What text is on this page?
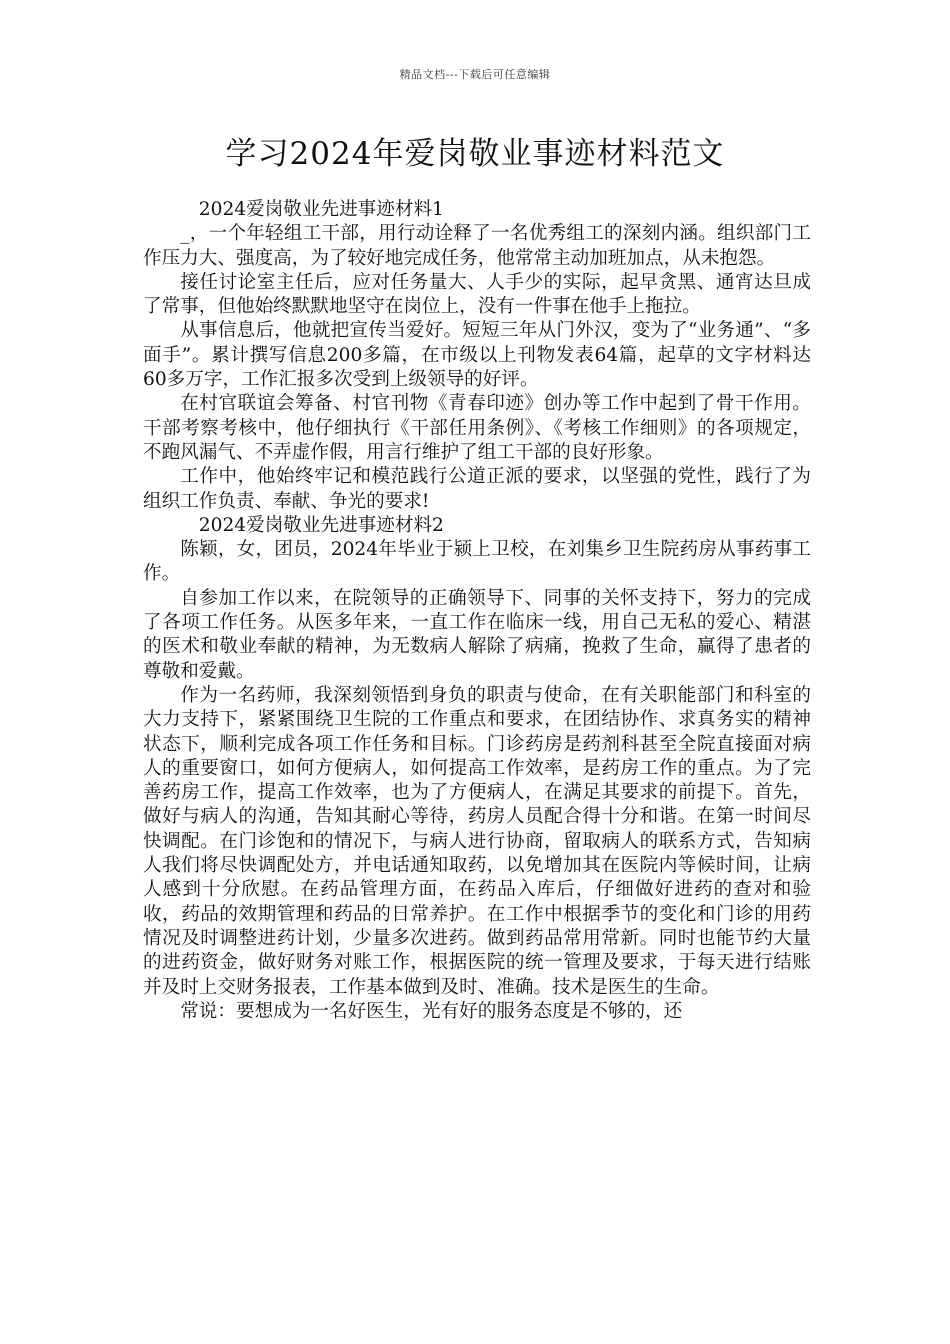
精品文档---下载后可任意编辑
学习2024年爱岗敬业事迹材料范文

2024爱岗敬业先进事迹材料1

_，一个年轻组工干部，用行动诠释了一名优秀组工的深刻内涵。组织部门工作压力大、强度高，为了较好地完成任务，他常常主动加班加点，从未抱怨。

接任讨论室主任后，应对任务量大、人手少的实际，起早贪黑、通宵达旦成了常事，但他始终默默地坚守在岗位上，没有一件事在他手上拖拉。

从事信息后，他就把宣传当爱好。短短三年从门外汉，变为了“业务通”、“多面手”。累计撰写信息200多篇，在市级以上刊物发表64篇，起草的文字材料达60多万字，工作汇报多次受到上级领导的好评。

在村官联谊会筹备、村官刊物《青春印迹》创办等工作中起到了骨干作用。干部考察考核中，他仔细执行《干部任用条例》、《考核工作细则》的各项规定，不跑风漏气、不弄虚作假，用言行维护了组工干部的良好形象。

工作中，他始终牢记和模范践行公道正派的要求，以坚强的党性，践行了为组织工作负责、奉献、争光的要求!

2024爱岗敬业先进事迹材料2

陈颖，女，团员，2024年毕业于颍上卫校，在刘集乡卫生院药房从事药事工作。

自参加工作以来，在院领导的正确领导下、同事的关怀支持下，努力的完成了各项工作任务。从医多年来，一直工作在临床一线，用自己无私的爱心、精湛的医术和敬业奉献的精神，为无数病人解除了病痛，挽救了生命，赢得了患者的尊敬和爱戴。

作为一名药师，我深刻领悟到身负的职责与使命，在有关职能部门和科室的大力支持下，紧紧围绕卫生院的工作重点和要求，在团结协作、求真务实的精神状态下，顺利完成各项工作任务和目标。门诊药房是药剂科甚至全院直接面对病人的重要窗口，如何方便病人，如何提高工作效率，是药房工作的重点。为了完善药房工作，提高工作效率，也为了方便病人，在满足其要求的前提下。首先，做好与病人的沟通，告知其耐心等待，药房人员配合得十分和谐。在第一时间尽快调配。在门诊饱和的情况下，与病人进行协商，留取病人的联系方式，告知病人我们将尽快调配处方，并电话通知取药，以免增加其在医院内等候时间，让病人感到十分欣慰。在药品管理方面，在药品入库后，仔细做好进药的查对和验收，药品的效期管理和药品的日常养护。在工作中根据季节的变化和门诊的用药情况及时调整进药计划，少量多次进药。做到药品常用常新。同时也能节约大量的进药资金，做好财务对账工作，根据医院的统一管理及要求，于每天进行结账并及时上交财务报表，工作基本做到及时、准确。技术是医生的生命。

常说：要想成为一名好医生，光有好的服务态度是不够的，还
